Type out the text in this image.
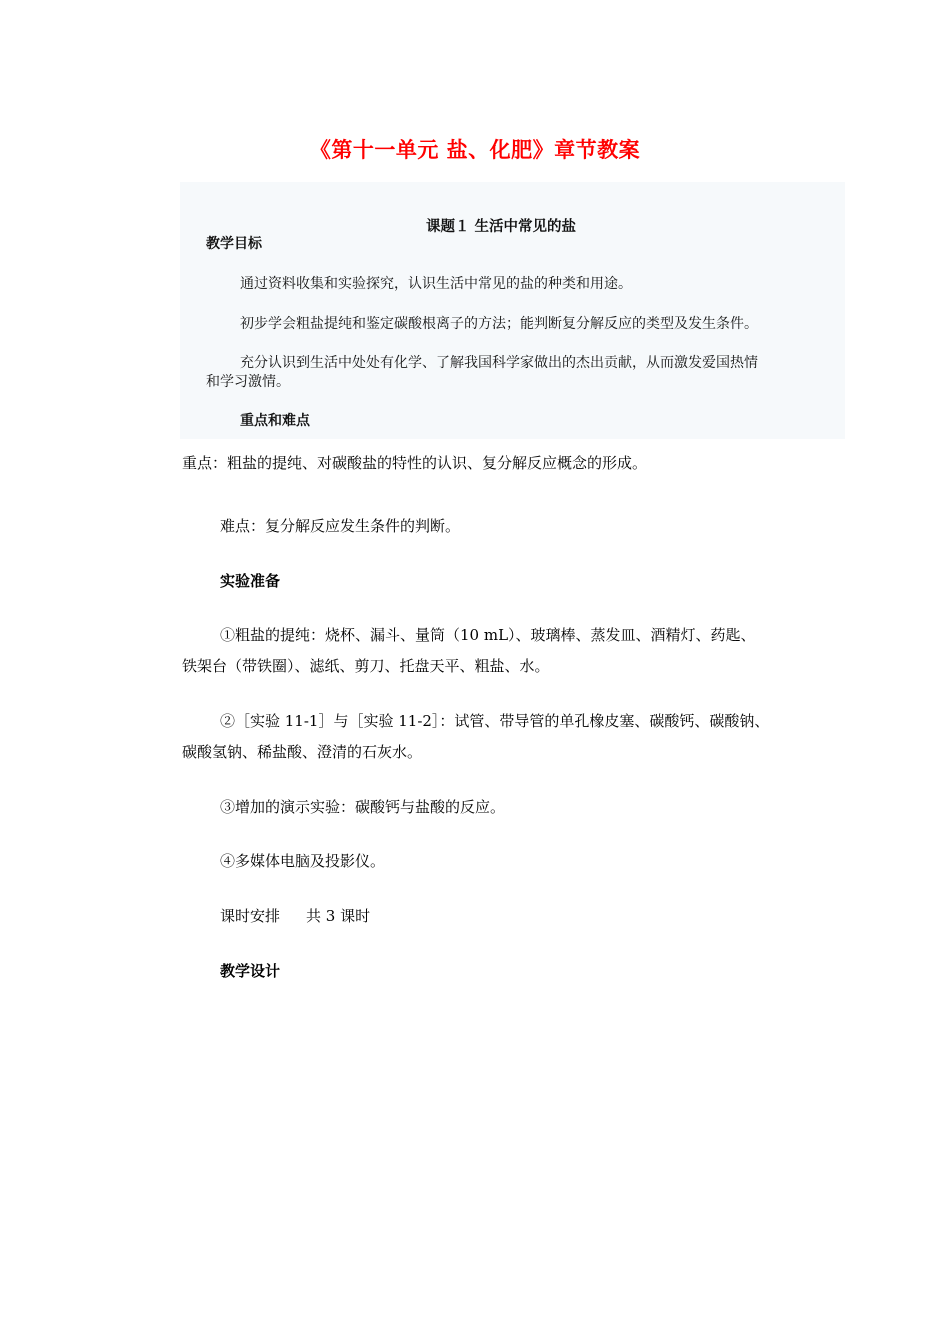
《第十一单元 盐、化肥》章节教案

课题１ 生活中常见的盐

教学目标

通过资料收集和实验探究，认识生活中常见的盐的种类和用途。

初步学会粗盐提纯和鉴定碳酸根离子的方法；能判断复分解反应的类型及发生条件。

充分认识到生活中处处有化学、了解我国科学家做出的杰出贡献，从而激发爱国热情

和学习激情。

重点和难点

重点：粗盐的提纯、对碳酸盐的特性的认识、复分解反应概念的形成。

难点：复分解反应发生条件的判断。

实验准备

①粗盐的提纯：烧杯、漏斗、量筒（10 mL）、玻璃棒、蒸发皿、酒精灯、药匙、

铁架台（带铁圈）、滤纸、剪刀、托盘天平、粗盐、水。

②［实验 11-1］与［实验 11-2］：试管、带导管的单孔橡皮塞、碳酸钙、碳酸钠、

碳酸氢钠、稀盐酸、澄清的石灰水。

③增加的演示实验：碳酸钙与盐酸的反应。

④多媒体电脑及投影仪。

课时安排 共 3 课时

教学设计
